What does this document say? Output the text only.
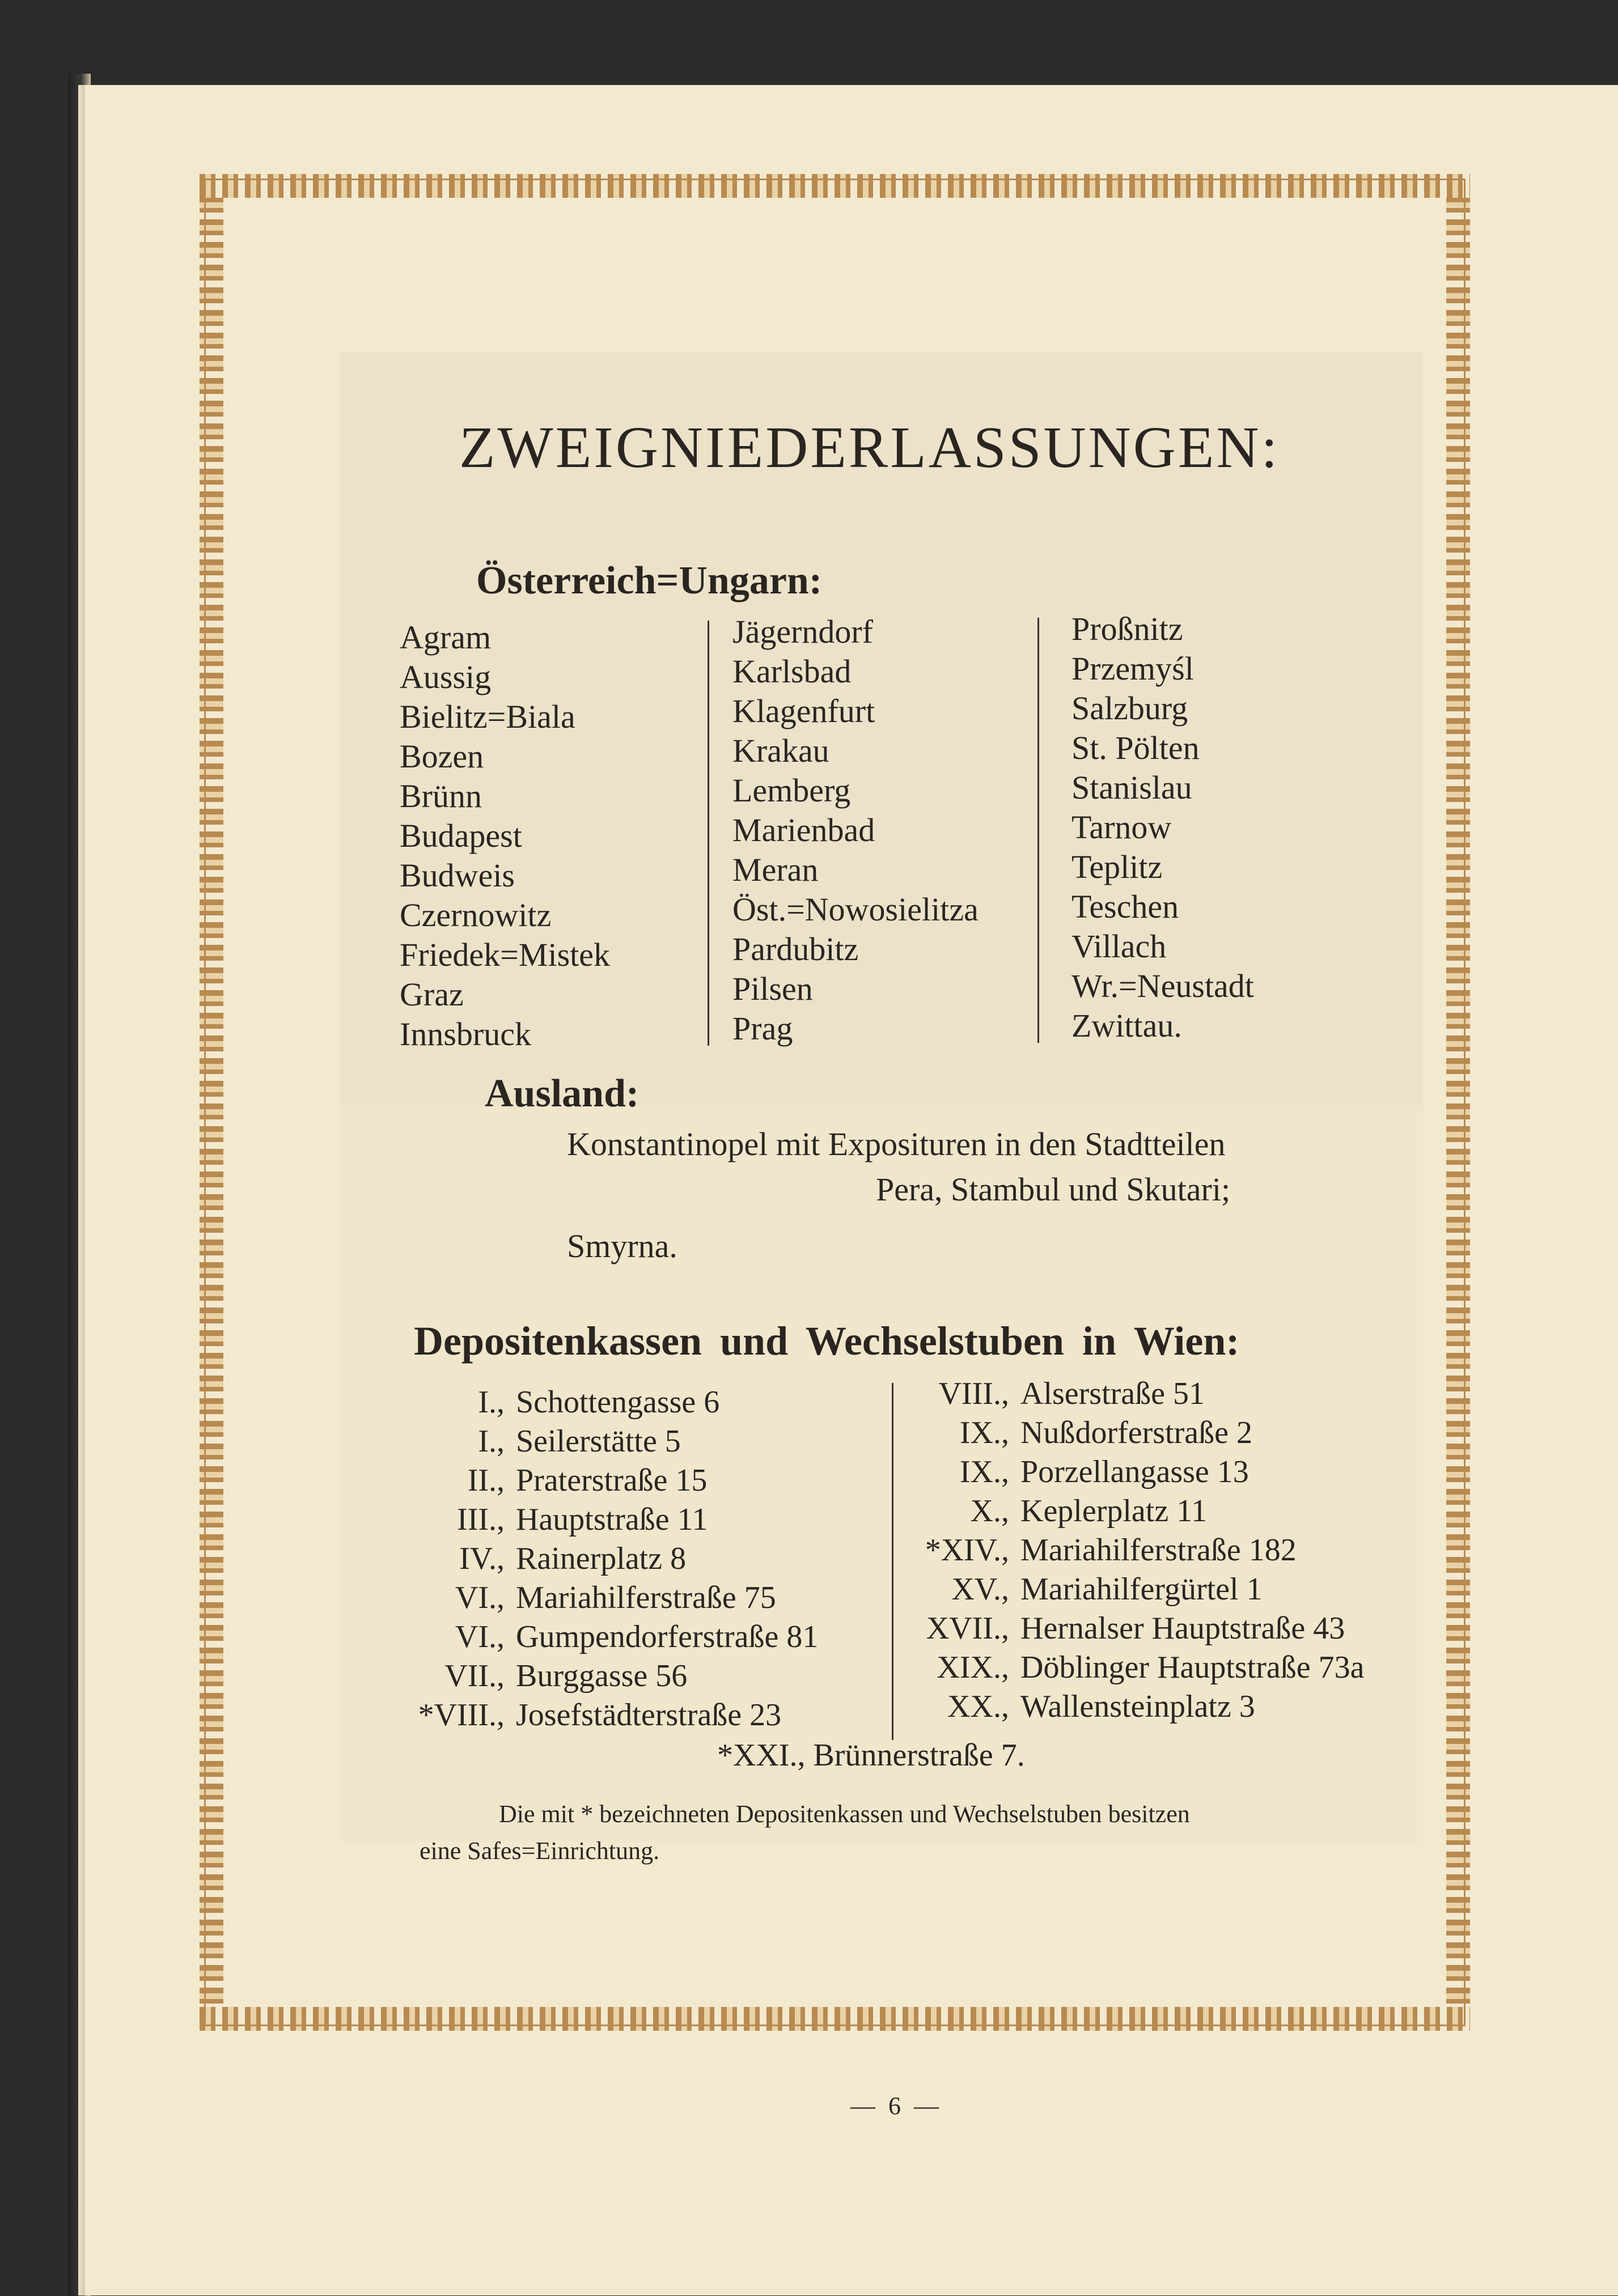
ZWEIGNIEDERLASSUNGEN:
Österreich=Ungarn:
Agram
Aussig
Bielitz=Biala
Bozen
Brünn
Budapest
Budweis
Czernowitz
Friedek=Mistek
Graz
Innsbruck
Jägerndorf
Karlsbad
Klagenfurt
Krakau
Lemberg
Marienbad
Meran
Öst.=Nowosielitza
Pardubitz
Pilsen
Prag
Proßnitz
Przemyśl
Salzburg
St. Pölten
Stanislau
Tarnow
Teplitz
Teschen
Villach
Wr.=Neustadt
Zwittau.
Ausland:
Konstantinopel mit Exposituren in den Stadtteilen
Pera, Stambul und Skutari;
Smyrna.
Depositenkassen und Wechselstuben in Wien:
I., Schottengasse 6
I., Seilerstätte 5
II., Praterstraße 15
III., Hauptstraße 11
IV., Rainerplatz 8
VI., Mariahilferstraße 75
VI., Gumpendorferstraße 81
VII., Burggasse 56
*VIII., Josefstädterstraße 23
VIII., Alserstraße 51
IX., Nußdorferstraße 2
IX., Porzellangasse 13
X., Keplerplatz 11
*XIV., Mariahilferstraße 182
XV., Mariahilfergürtel 1
XVII., Hernalser Hauptstraße 43
XIX., Döblinger Hauptstraße 73a
XX., Wallensteinplatz 3
*XXI., Brünnerstraße 7.
Die mit * bezeichneten Depositenkassen und Wechselstuben besitzen
eine Safes=Einrichtung.
— 6 —
